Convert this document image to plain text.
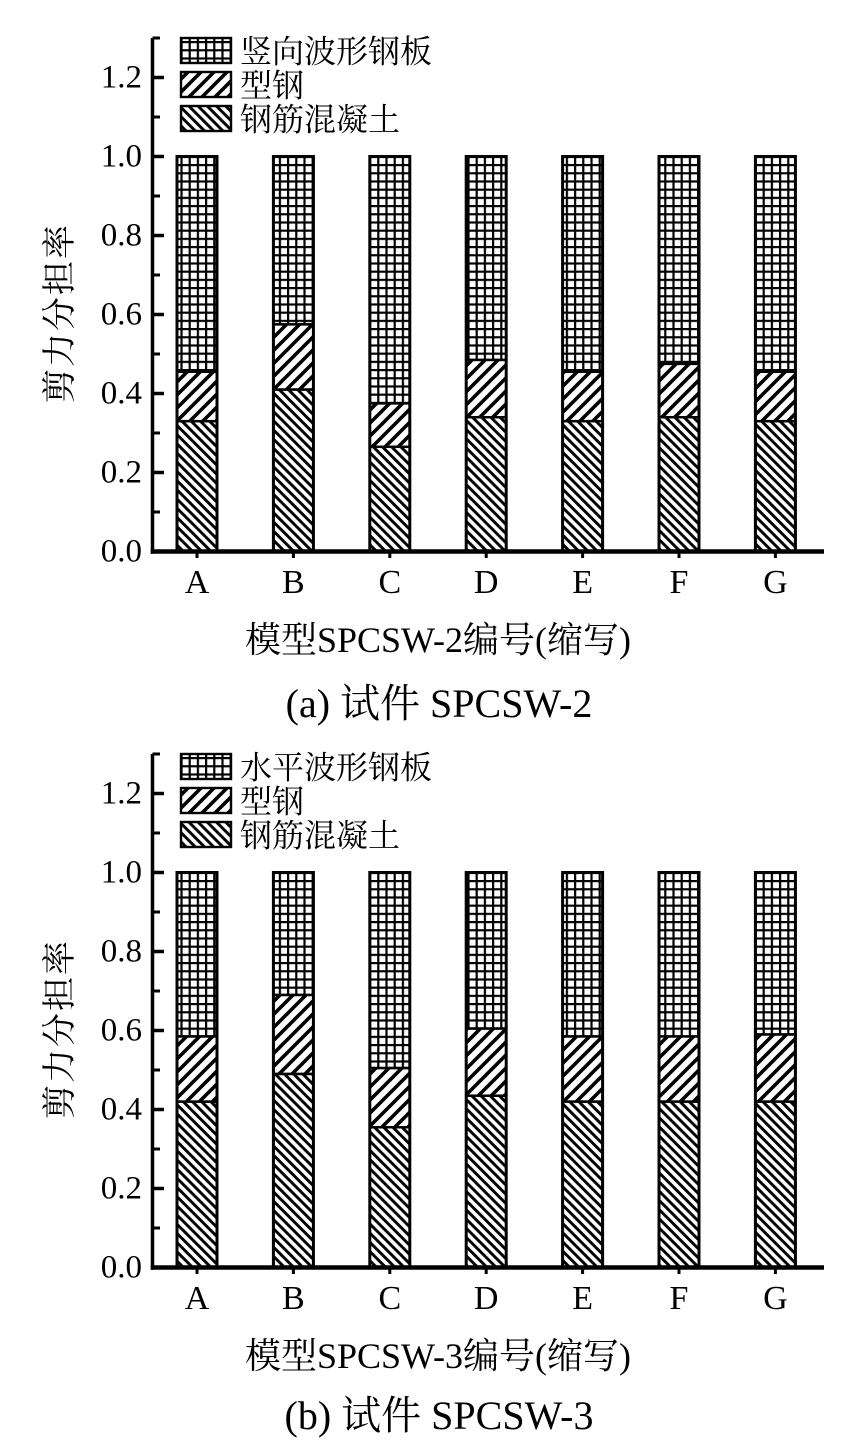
0.0
0.2
0.4
0.6
0.8
1.0
1.2
A B C D E F G
竖向波形钢板
型钢
钢筋混凝土
0.0
0.2
0.4
0.6
0.8
1.0
1.2
A B C D E F G
水平波形钢板
型钢
钢筋混凝土
剪力分担率
模型SPCSW-2编号(缩写)
(a) 试件 SPCSW-2
剪力分担率
模型SPCSW-3编号(缩写)
(b) 试件 SPCSW-3
